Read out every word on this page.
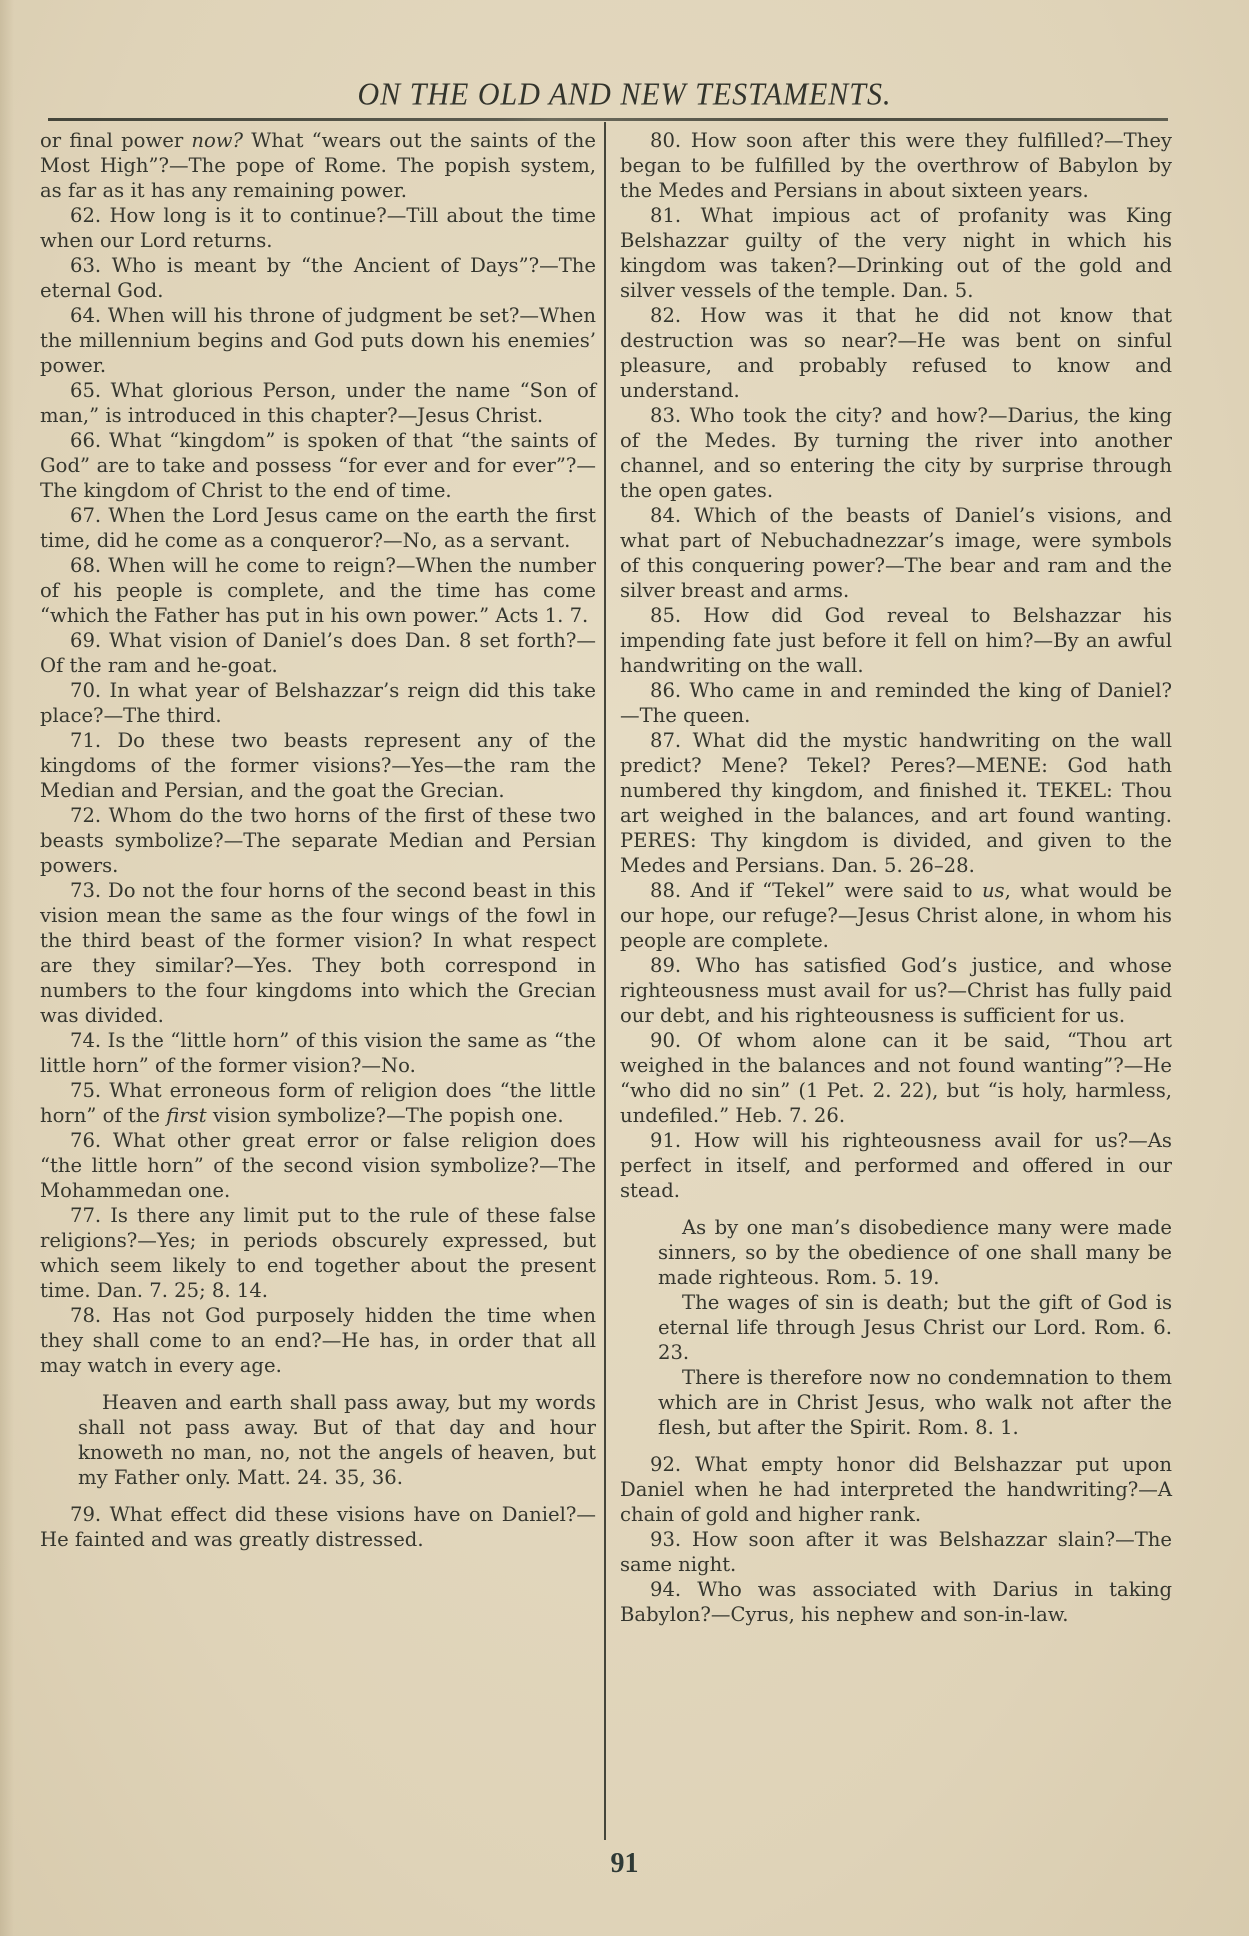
ON THE OLD AND NEW TESTAMENTS.

or final power now? What “wears out the saints of the Most High”?—The pope of Rome. The popish system, as far as it has any remaining power.

62. How long is it to continue?—Till about the time when our Lord returns.

63. Who is meant by “the Ancient of Days”?—The eternal God.

64. When will his throne of judgment be set?—When the millennium begins and God puts down his enemies’ power.

65. What glorious Person, under the name “Son of man,” is introduced in this chapter?—Jesus Christ.

66. What “kingdom” is spoken of that “the saints of God” are to take and possess “for ever and for ever”?—The kingdom of Christ to the end of time.

67. When the Lord Jesus came on the earth the first time, did he come as a conqueror?—No, as a servant.

68. When will he come to reign?—When the number of his people is complete, and the time has come “which the Father has put in his own power.” Acts 1. 7.

69. What vision of Daniel’s does Dan. 8 set forth?—Of the ram and he-goat.

70. In what year of Belshazzar’s reign did this take place?—The third.

71. Do these two beasts represent any of the kingdoms of the former visions?—Yes—the ram the Median and Persian, and the goat the Grecian.

72. Whom do the two horns of the first of these two beasts symbolize?—The separate Median and Persian powers.

73. Do not the four horns of the second beast in this vision mean the same as the four wings of the fowl in the third beast of the former vision? In what respect are they similar?—Yes. They both correspond in numbers to the four kingdoms into which the Grecian was divided.

74. Is the “little horn” of this vision the same as “the little horn” of the former vision?—No.

75. What erroneous form of religion does “the little horn” of the first vision symbolize?—The popish one.

76. What other great error or false religion does “the little horn” of the second vision symbolize?—The Mohammedan one.

77. Is there any limit put to the rule of these false religions?—Yes; in periods obscurely expressed, but which seem likely to end together about the present time. Dan. 7. 25; 8. 14.

78. Has not God purposely hidden the time when they shall come to an end?—He has, in order that all may watch in every age.

Heaven and earth shall pass away, but my words shall not pass away. But of that day and hour knoweth no man, no, not the angels of heaven, but my Father only. Matt. 24. 35, 36.

79. What effect did these visions have on Daniel?—He fainted and was greatly distressed.

80. How soon after this were they fulfilled?—They began to be fulfilled by the overthrow of Babylon by the Medes and Persians in about sixteen years.

81. What impious act of profanity was King Belshazzar guilty of the very night in which his kingdom was taken?—Drinking out of the gold and silver vessels of the temple. Dan. 5.

82. How was it that he did not know that destruction was so near?—He was bent on sinful pleasure, and probably refused to know and understand.

83. Who took the city? and how?—Darius, the king of the Medes. By turning the river into another channel, and so entering the city by surprise through the open gates.

84. Which of the beasts of Daniel’s visions, and what part of Nebuchadnezzar’s image, were symbols of this conquering power?—The bear and ram and the silver breast and arms.

85. How did God reveal to Belshazzar his impending fate just before it fell on him?—By an awful handwriting on the wall.

86. Who came in and reminded the king of Daniel?—The queen.

87. What did the mystic handwriting on the wall predict? Mene? Tekel? Peres?—MENE: God hath numbered thy kingdom, and finished it. TEKEL: Thou art weighed in the balances, and art found wanting. PERES: Thy kingdom is divided, and given to the Medes and Persians. Dan. 5. 26–28.

88. And if “Tekel” were said to us, what would be our hope, our refuge?—Jesus Christ alone, in whom his people are complete.

89. Who has satisfied God’s justice, and whose righteousness must avail for us?—Christ has fully paid our debt, and his righteousness is sufficient for us.

90. Of whom alone can it be said, “Thou art weighed in the balances and not found wanting”?—He “who did no sin” (1 Pet. 2. 22), but “is holy, harmless, undefiled.” Heb. 7. 26.

91. How will his righteousness avail for us?—As perfect in itself, and performed and offered in our stead.

As by one man’s disobedience many were made sinners, so by the obedience of one shall many be made righteous. Rom. 5. 19.
The wages of sin is death; but the gift of God is eternal life through Jesus Christ our Lord. Rom. 6. 23.
There is therefore now no condemnation to them which are in Christ Jesus, who walk not after the flesh, but after the Spirit. Rom. 8. 1.

92. What empty honor did Belshazzar put upon Daniel when he had interpreted the handwriting?—A chain of gold and higher rank.

93. How soon after it was Belshazzar slain?—The same night.

94. Who was associated with Darius in taking Babylon?—Cyrus, his nephew and son-in-law.

91
